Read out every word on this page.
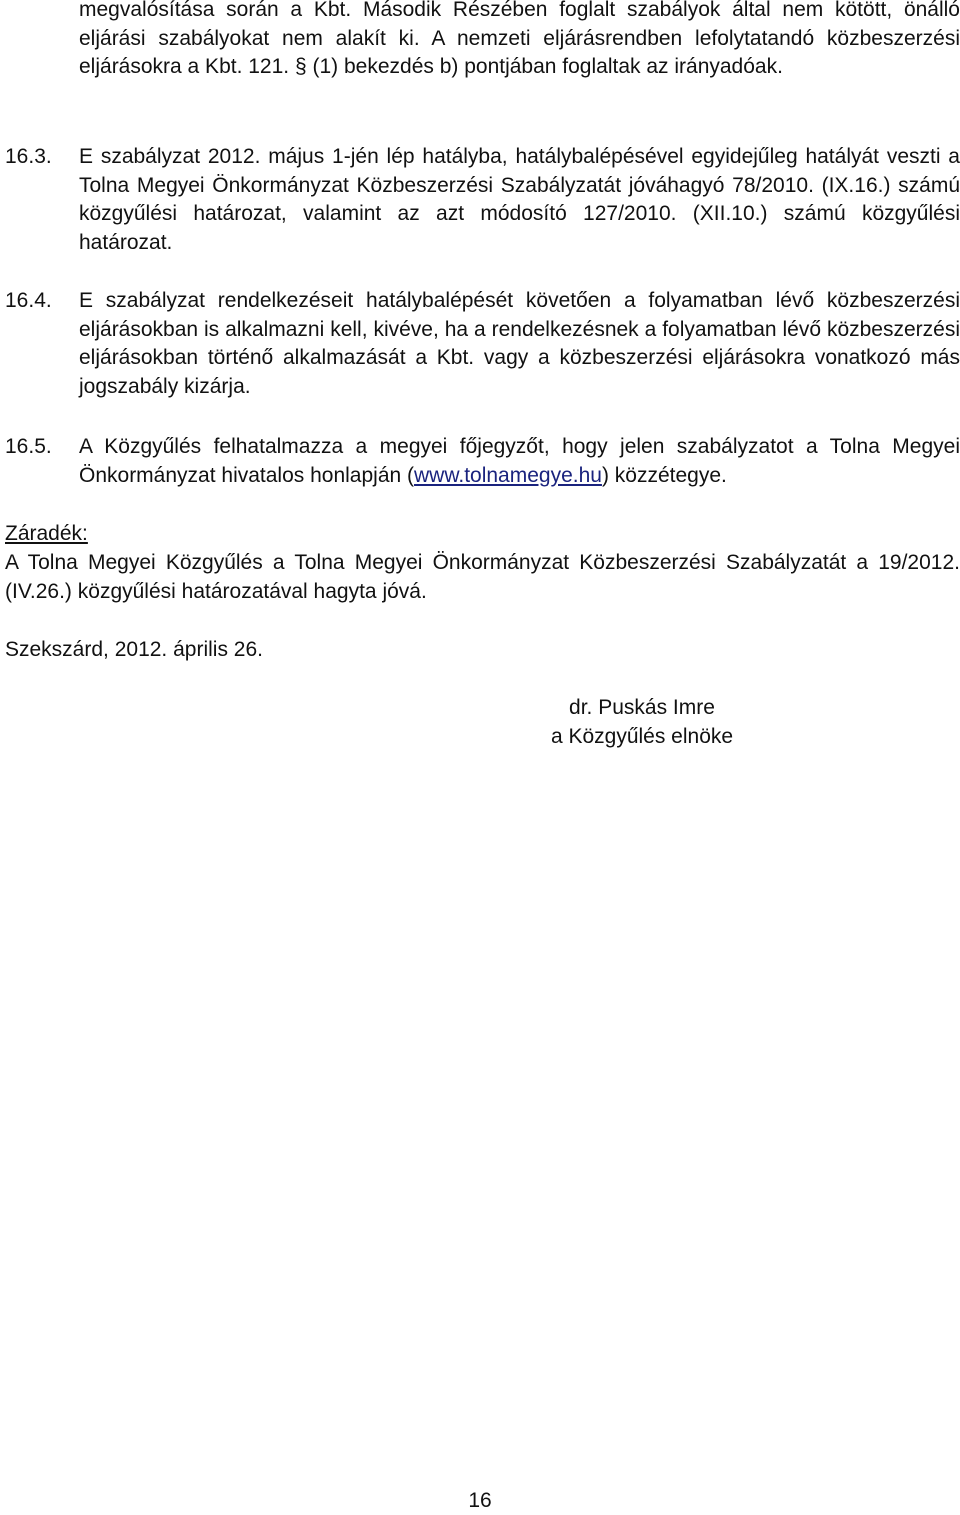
megvalósítása során a Kbt. Második Részében foglalt szabályok által nem kötött, önálló eljárási szabályokat nem alakít ki. A nemzeti eljárásrendben lefolytatandó közbeszerzési eljárásokra a Kbt. 121. § (1) bekezdés b) pontjában foglaltak az irányadóak.
16.3. E szabályzat 2012. május 1-jén lép hatályba, hatálybalépésével egyidejűleg hatályát veszti a Tolna Megyei Önkormányzat Közbeszerzési Szabályzatát jóváhagyó 78/2010. (IX.16.) számú közgyűlési határozat, valamint az azt módosító 127/2010. (XII.10.) számú közgyűlési határozat.
16.4. E szabályzat rendelkezéseit hatálybalépését követően a folyamatban lévő közbeszerzési eljárásokban is alkalmazni kell, kivéve, ha a rendelkezésnek a folyamatban lévő közbeszerzési eljárásokban történő alkalmazását a Kbt. vagy a közbeszerzési eljárásokra vonatkozó más jogszabály kizárja.
16.5. A Közgyűlés felhatalmazza a megyei főjegyzőt, hogy jelen szabályzatot a Tolna Megyei Önkormányzat hivatalos honlapján (www.tolnamegye.hu) közzétegye.
Záradék:
A Tolna Megyei Közgyűlés a Tolna Megyei Önkormányzat Közbeszerzési Szabályzatát a 19/2012. (IV.26.) közgyűlési határozatával hagyta jóvá.
Szekszárd, 2012. április 26.
dr. Puskás Imre
a Közgyűlés elnöke
16
